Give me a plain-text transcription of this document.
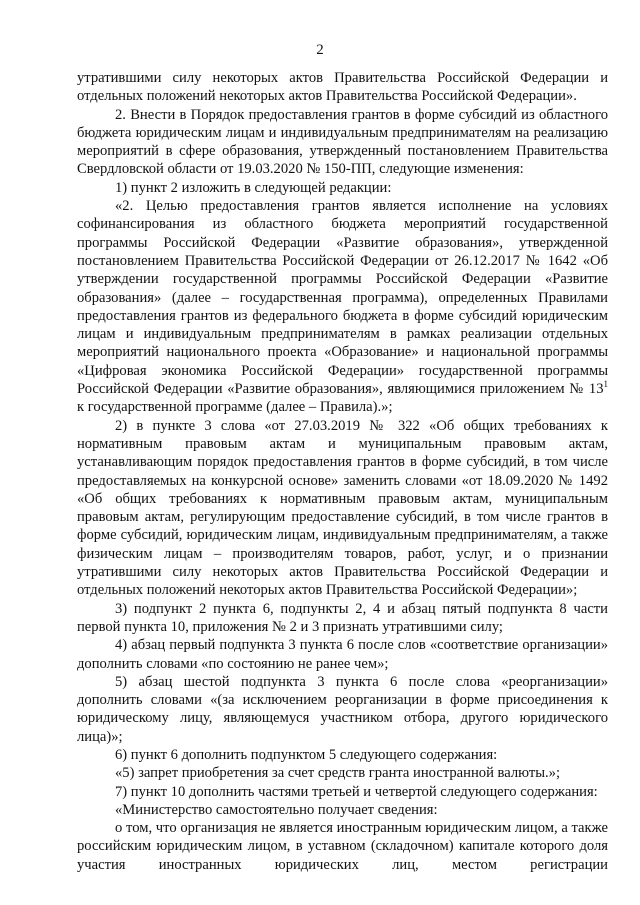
2

утратившими силу некоторых актов Правительства Российской Федерации и отдельных положений некоторых актов Правительства Российской Федерации».

2. Внести в Порядок предоставления грантов в форме субсидий из областного бюджета юридическим лицам и индивидуальным предпринимателям на реализацию мероприятий в сфере образования, утвержденный постановлением Правительства Свердловской области от 19.03.2020 № 150-ПП, следующие изменения:

1) пункт 2 изложить в следующей редакции:

«2. Целью предоставления грантов является исполнение на условиях софинансирования из областного бюджета мероприятий государственной программы Российской Федерации «Развитие образования», утвержденной постановлением Правительства Российской Федерации от 26.12.2017 № 1642 «Об утверждении государственной программы Российской Федерации «Развитие образования» (далее – государственная программа), определенных Правилами предоставления грантов из федерального бюджета в форме субсидий юридическим лицам и индивидуальным предпринимателям в рамках реализации отдельных мероприятий национального проекта «Образование» и национальной программы «Цифровая экономика Российской Федерации» государственной программы Российской Федерации «Развитие образования», являющимися приложением № $13^1$ к государственной программе (далее – Правила).»;

2) в пункте 3 слова «от 27.03.2019 № 322 «Об общих требованиях к нормативным правовым актам и муниципальным правовым актам, устанавливающим порядок предоставления грантов в форме субсидий, в том числе предоставляемых на конкурсной основе» заменить словами «от 18.09.2020 № 1492 «Об общих требованиях к нормативным правовым актам, муниципальным правовым актам, регулирующим предоставление субсидий, в том числе грантов в форме субсидий, юридическим лицам, индивидуальным предпринимателям, а также физическим лицам – производителям товаров, работ, услуг, и о признании утратившими силу некоторых актов Правительства Российской Федерации и отдельных положений некоторых актов Правительства Российской Федерации»;

3) подпункт 2 пункта 6, подпункты 2, 4 и абзац пятый подпункта 8 части первой пункта 10, приложения № 2 и 3 признать утратившими силу;

4) абзац первый подпункта 3 пункта 6 после слов «соответствие организации» дополнить словами «по состоянию не ранее чем»;

5) абзац шестой подпункта 3 пункта 6 после слова «реорганизации» дополнить словами «(за исключением реорганизации в форме присоединения к юридическому лицу, являющемуся участником отбора, другого юридического лица)»;

6) пункт 6 дополнить подпунктом 5 следующего содержания:

«5) запрет приобретения за счет средств гранта иностранной валюты.»;

7) пункт 10 дополнить частями третьей и четвертой следующего содержания:

«Министерство самостоятельно получает сведения:

о том, что организация не является иностранным юридическим лицом, а также российским юридическим лицом, в уставном (складочном) капитале которого доля участия иностранных юридических лиц, местом регистрации
